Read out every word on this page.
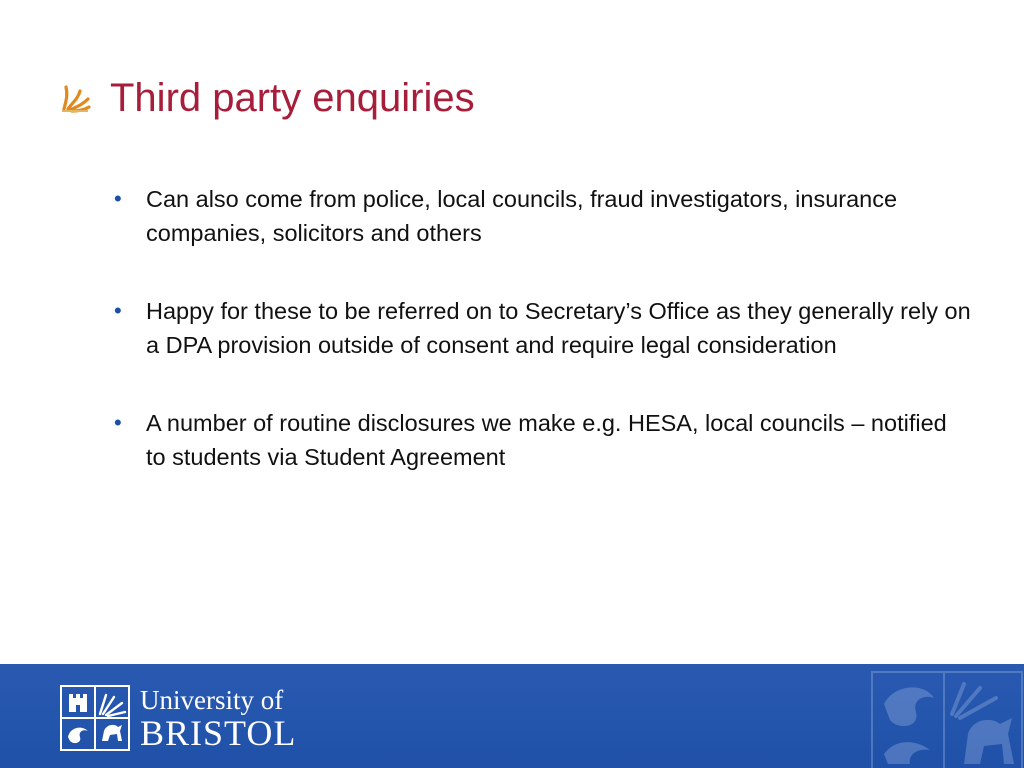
Third party enquiries
• Can also come from police, local councils, fraud investigators, insurance companies, solicitors and others
• Happy for these to be referred on to Secretary’s Office as they generally rely on a DPA provision outside of consent and require legal consideration
• A number of routine disclosures we make e.g. HESA, local councils – notified to students via Student Agreement
University of
BRISTOL
